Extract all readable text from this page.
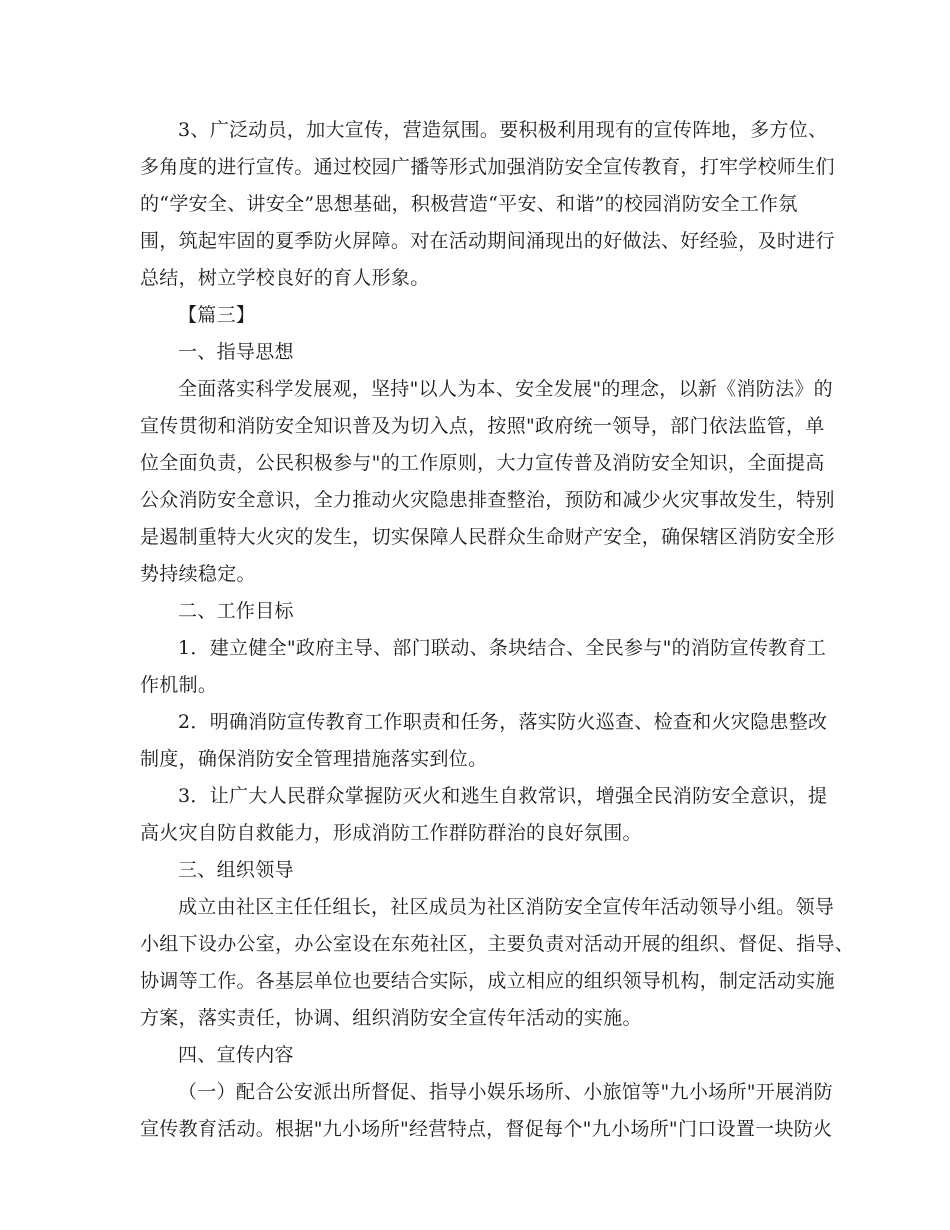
3、广泛动员，加大宣传，营造氛围。要积极利用现有的宣传阵地，多方位、
多角度的进行宣传。通过校园广播等形式加强消防安全宣传教育，打牢学校师生们
的“学安全、讲安全”思想基础，积极营造“平安、和谐”的校园消防安全工作氛
围，筑起牢固的夏季防火屏障。对在活动期间涌现出的好做法、好经验，及时进行
总结，树立学校良好的育人形象。
【篇三】
一、指导思想
全面落实科学发展观，坚持"以人为本、安全发展"的理念，以新《消防法》的
宣传贯彻和消防安全知识普及为切入点，按照"政府统一领导，部门依法监管，单
位全面负责，公民积极参与"的工作原则，大力宣传普及消防安全知识，全面提高
公众消防安全意识，全力推动火灾隐患排查整治，预防和减少火灾事故发生，特别
是遏制重特大火灾的发生，切实保障人民群众生命财产安全，确保辖区消防安全形
势持续稳定。
二、工作目标
1．建立健全"政府主导、部门联动、条块结合、全民参与"的消防宣传教育工
作机制。
2．明确消防宣传教育工作职责和任务，落实防火巡查、检查和火灾隐患整改
制度，确保消防安全管理措施落实到位。
3．让广大人民群众掌握防灭火和逃生自救常识，增强全民消防安全意识，提
高火灾自防自救能力，形成消防工作群防群治的良好氛围。
三、组织领导
成立由社区主任任组长，社区成员为社区消防安全宣传年活动领导小组。领导
小组下设办公室，办公室设在东苑社区，主要负责对活动开展的组织、督促、指导、
协调等工作。各基层单位也要结合实际，成立相应的组织领导机构，制定活动实施
方案，落实责任，协调、组织消防安全宣传年活动的实施。
四、宣传内容
（一）配合公安派出所督促、指导小娱乐场所、小旅馆等"九小场所"开展消防
宣传教育活动。根据"九小场所"经营特点，督促每个"九小场所"门口设置一块防火
